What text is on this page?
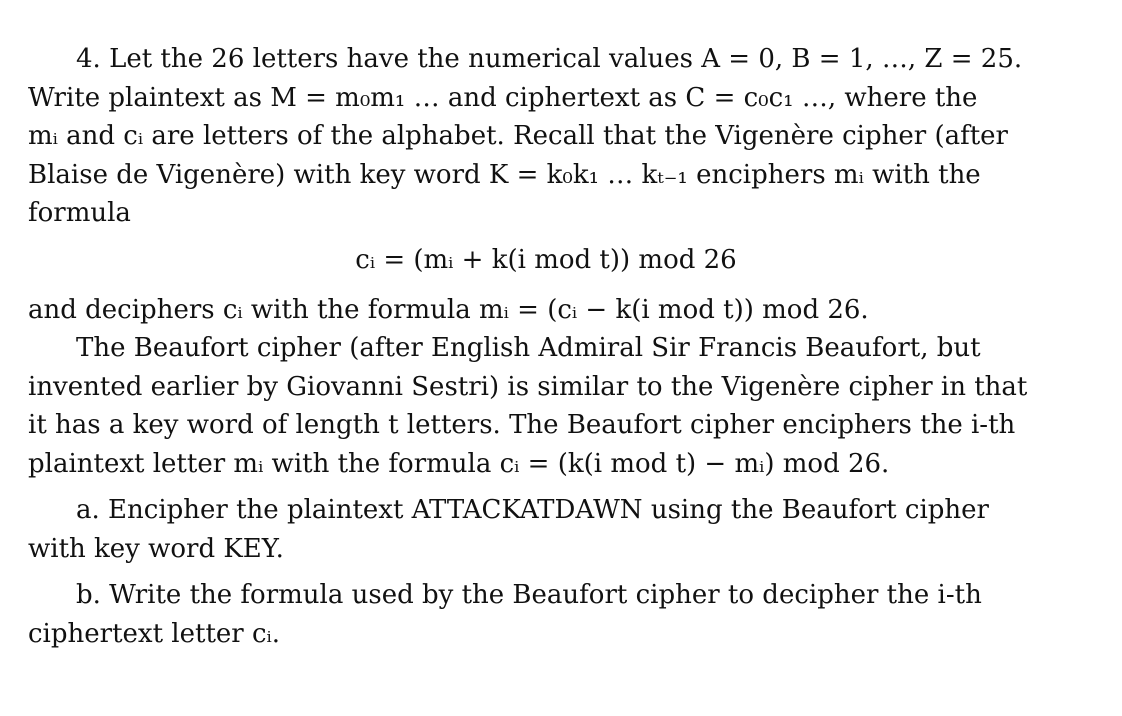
4. Let the 26 letters have the numerical values A = 0, B = 1, …, Z = 25.
Write plaintext as M = m₀m₁ … and ciphertext as C = c₀c₁ …, where the
mᵢ and cᵢ are letters of the alphabet. Recall that the Vigenère cipher (after
Blaise de Vigenère) with key word K = k₀k₁ … kₜ₋₁ enciphers mᵢ with the
formula

cᵢ = (mᵢ + k(i mod t)) mod 26

and deciphers cᵢ with the formula mᵢ = (cᵢ − k(i mod t)) mod 26.

The Beaufort cipher (after English Admiral Sir Francis Beaufort, but
invented earlier by Giovanni Sestri) is similar to the Vigenère cipher in that
it has a key word of length t letters. The Beaufort cipher enciphers the i-th
plaintext letter mᵢ with the formula cᵢ = (k(i mod t) − mᵢ) mod 26.

a. Encipher the plaintext ATTACKATDAWN using the Beaufort cipher
with key word KEY.

b. Write the formula used by the Beaufort cipher to decipher the i-th
ciphertext letter cᵢ.
